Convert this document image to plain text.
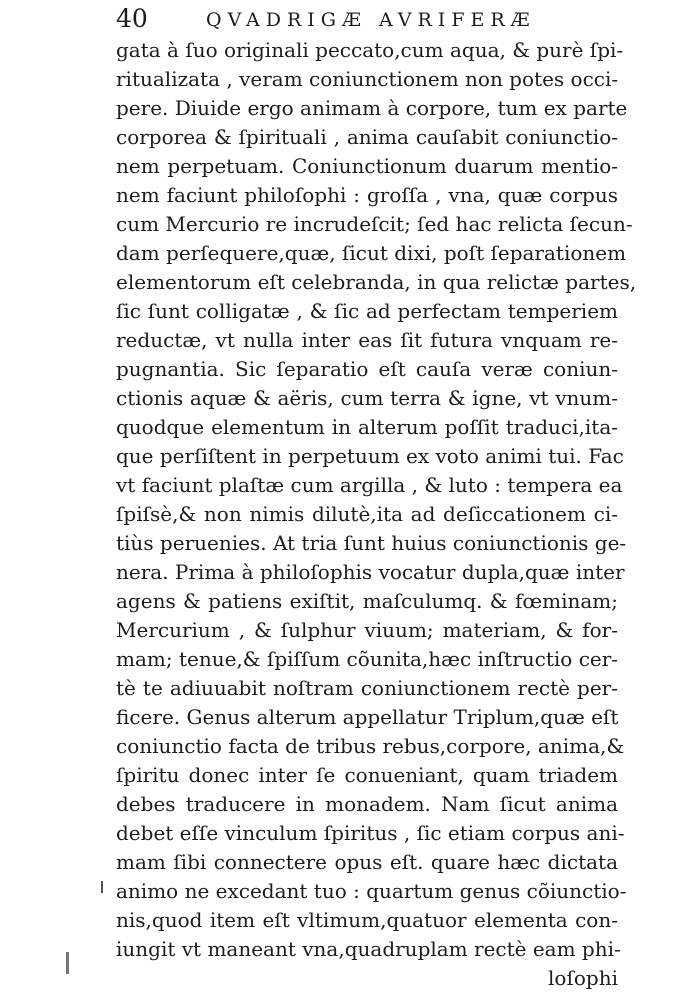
40	QVADRIGÆ AVRIFERÆ
gata à ſuo originali peccato,cum aqua, & purè ſpi-
ritualizata , veram coniunctionem non potes occi-
pere. Diuide ergo animam à corpore, tum ex parte
corporea & ſpirituali , anima cauſabit coniunctio-
nem perpetuam. Coniunctionum duarum mentio-
nem faciunt philoſophi : groſſa , vna, quæ corpus
cum Mercurio re incrudeſcit; ſed hac relicta ſecun-
dam perſequere,quæ, ſicut dixi, poſt ſeparationem
elementorum eſt celebranda, in qua relictæ partes,
ſic ſunt colligatæ , & ſic ad perfectam temperiem
reductæ, vt nulla inter eas ſit futura vnquam re-
pugnantia. Sic ſeparatio eſt cauſa veræ coniun-
ctionis aquæ & aëris, cum terra & igne, vt vnum-
quodque elementum in alterum poſſit traduci,ita-
que perſiſtent in perpetuum ex voto animi tui. Fac
vt faciunt plaſtæ cum argilla , & luto : tempera ea
ſpiſsè,& non nimis dilutè,ita ad deſiccationem ci-
tiùs peruenies. At tria ſunt huius coniunctionis ge-
nera. Prima à philoſophis vocatur dupla,quæ inter
agens & patiens exiſtit, maſculumq. & fœminam;
Mercurium , & ſulphur viuum; materiam, & for-
mam; tenue,& ſpiſſum cõunita,hæc inſtructio cer-
tè te adiuuabit noſtram coniunctionem rectè per-
ficere. Genus alterum appellatur Triplum,quæ eſt
coniunctio facta de tribus rebus,corpore, anima,&
ſpiritu donec inter ſe conueniant, quam triadem
debes traducere in monadem. Nam ſicut anima
debet eſſe vinculum ſpiritus , ſic etiam corpus ani-
mam ſibi connectere opus eſt. quare hæc dictata
animo ne excedant tuo : quartum genus cõiunctio-
nis,quod item eſt vltimum,quatuor elementa con-
iungit vt maneant vna,quadruplam rectè eam phi-
loſophi
